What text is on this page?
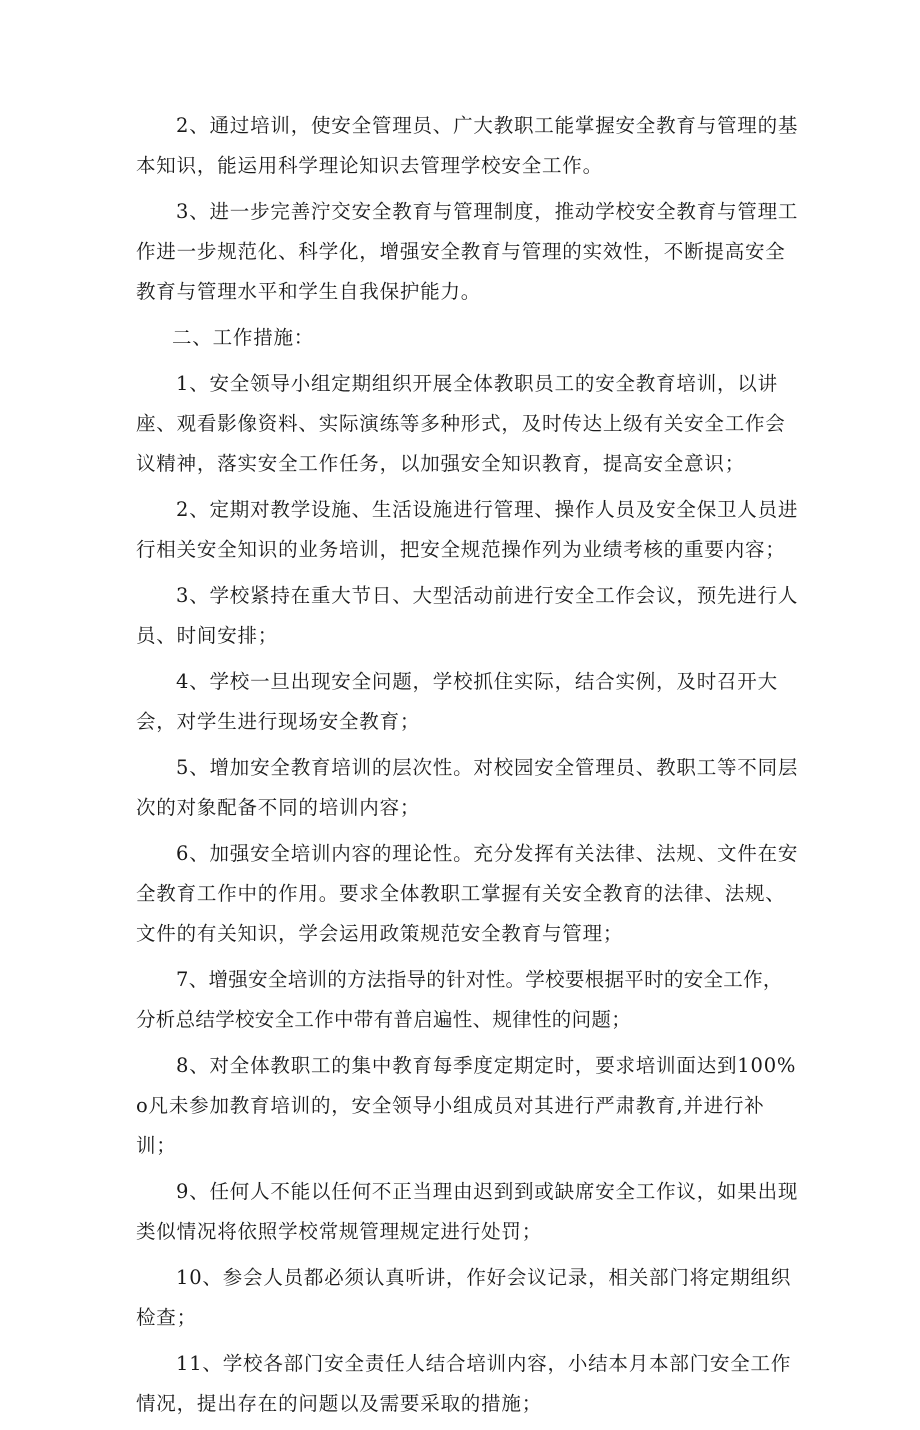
2、通过培训，使安全管理员、广大教职工能掌握安全教育与管理的基本知识，能运用科学理论知识去管理学校安全工作。

3、进一步完善泞交安全教育与管理制度，推动学校安全教育与管理工作进一步规范化、科学化，增强安全教育与管理的实效性，不断提高安全教育与管理水平和学生自我保护能力。

二、工作措施：

1、安全领导小组定期组织开展全体教职员工的安全教育培训，以讲座、观看影像资料、实际演练等多种形式，及时传达上级有关安全工作会议精神，落实安全工作任务，以加强安全知识教育，提高安全意识；

2、定期对教学设施、生活设施进行管理、操作人员及安全保卫人员进行相关安全知识的业务培训，把安全规范操作列为业绩考核的重要内容；

3、学校紧持在重大节日、大型活动前进行安全工作会议，预先进行人员、时间安排；

4、学校一旦出现安全问题，学校抓住实际，结合实例，及时召开大会，对学生进行现场安全教育；

5、增加安全教育培训的层次性。对校园安全管理员、教职工等不同层次的对象配备不同的培训内容；

6、加强安全培训内容的理论性。充分发挥有关法律、法规、文件在安全教育工作中的作用。要求全体教职工掌握有关安全教育的法律、法规、文件的有关知识，学会运用政策规范安全教育与管理；

7、增强安全培训的方法指导的针对性。学校要根据平时的安全工作，分析总结学校安全工作中带有普启遍性、规律性的问题；

8、对全体教职工的集中教育每季度定期定时，要求培训面达到100%o凡未参加教育培训的，安全领导小组成员对其进行严肃教育,并进行补训；

9、任何人不能以任何不正当理由迟到到或缺席安全工作议，如果出现类似情况将依照学校常规管理规定进行处罚；

10、参会人员都必须认真听讲，作好会议记录，相关部门将定期组织检查；

11、学校各部门安全责任人结合培训内容，小结本月本部门安全工作情况，提出存在的问题以及需要采取的措施；
